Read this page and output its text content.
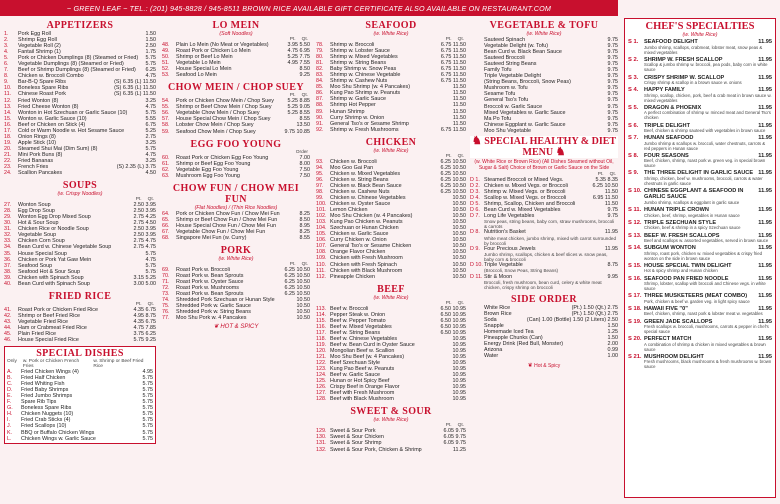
~ GREEN LEAF ~ TEL.: (201) 945-8828 / 945-8511 BROWN RICE AVAILABLE GIFT CERTIFICATE ALSO AVAILABLE ON RESTAURANT.COM
APPETIZERS
1.	Pork Egg Roll	1.50
2.	Shrimp Egg Roll	1.50
3.	Vegetable Roll (2)	2.50
4.	Fantail Shrimp (1)	1.75
5.	Pork or Chicken Dumplings (8) (Steamed or Fried)	5.75
6.	Vegetable Dumplings (8) (Steamed or Fried)	5.75
7.	Beef or Shrimp Dumplings (8) (Steamed or Fried)	6.25
8.	Chicken w. Broccoli Combo	4.75
9.	Bar-B-Q Spare Ribs	(S) 6.35 (L) 11.50
10.	Boneless Spare Ribs	(S) 6.35 (L) 11.50
11.	Chinese Roast Pork	(S) 6.35 (L) 11.50
12.	Fried Wonton (8)	3.25
13.	Fried Cheese Wonton (8)	4.75
14.	Wonton in Hot Szechuan or Garlic Sauce (10)	5.75
15.	Wonton w. Garlic Sauce (10)	5.55
16.	Beef or Chicken on Stick (4)	6.75
17.	Cold or Warm Noodle w. Hot Sesame Sauce	5.25
18.	Onion Rings (8)	2.75
19.	Apple Stick (10)	3.25
20.	Steamed Shui Mai (Dim Sum) (8)	5.75
21.	Mini Pork Buns (8)	4.75
22.	Fried Bananas	3.25
23.	French Fries	(S) 2.35 (L) 3.75
24.	Scallion Pancakes	4.50
SOUPS
(w. Crispy Noodles)
Pt. Qt.
27.	Wonton Soup	2.50 3.95
28.	Egg Drop Soup	2.50 3.95
29.	Wonton Egg Drop Mixed Soup	2.75 4.25
30.	Hot & Sour Soup	2.75 4.50
31.	Chicken Rice or Noodle Soup	2.50 3.95
32.	Vegetable Soup	2.50 3.95
33.	Chicken Corn Soup	2.75 4.75
34.	Bean Curd w. Chinese Vegetable Soup	2.75 4.75
35.	House Special Soup	5.75
36.	Chicken or Pork Yat Gaw Mein	4.75
37.	Seafood Soup	5.75
38.	Seafood Hot & Sour Soup	5.75
39.	Chicken with Spinach Soup	3.15 5.25
40.	Bean Curd with Spinach Soup	3.00 5.00
FRIED RICE
Pt. Qt.
41.	Roast Pork or Chicken Fried Rice	4.35 6.75
42.	Shrimp or Beef Fried Rice	4.95 8.75
43.	Vegetable Fried Rice	4.35 6.75
44.	Ham or Crabmeat Fried Rice	4.75 7.85
45.	Plain Fried Rice	3.75 6.25
46.	House Special Fried Rice	5.75 9.25
SPECIAL DISHES
Only w. Pork or Chicken French Fries
w. Shrimp or Beef Fried Rice
A.	Fried Chicken Wings (4)	4.95
B.	Fried Half Chicken	5.75
C.	Fried Whiting Fish	5.75
D.	Fried Baby Shrimps	5.75
E.	Fried Jumbo Shrimps	5.75
F.	Spare Rib Tips	5.75
G.	Boneless Spare Ribs	5.75
H.	Chicken Nuggets (10)	5.75
I.	Fried Crab Sticks (4)	5.75
J.	Fried Scallops (10)	5.75
K.	BBQ or Buffalo Chicken Wings	5.75
L.	Chicken Wings w. Garlic Sauce	5.75
LO MEIN
(Soft Noodles)
Pt. Qt.
48.	Plain Lo Mein (No Meat or Vegetables)	3.95 5.50
49.	Roast Pork or Chicken Lo Mein	4.75 6.95
50.	Shrimp or Beef Lo Mein	5.25 7.75
51.	Vegetable Lo Mein	4.95 7.55
52.	House Special Lo Mein	8.50
53.	Seafood Lo Mein	9.25
CHOW MEIN / CHOP SUEY
Pt. Qt.
54.	Pork or Chicken Chow Mein / Chop Suey	5.25 8.85
55.	Shrimp or Beef Chow Mein / Chop Suey	5.25 9.05
56.	Vegetable Chow Mein / Chop Suey	5.25 8.55
57.	House Special Chow Mein / Chop Suey	8.55
58.	Lobster Chow Mein / Chop Suey	13.50
59.	Seafood Chow Mein / Chop Suey	9.75 10.85
EGG FOO YOUNG
Order
60.	Roast Pork or Chicken Egg Foo Young	7.00
61.	Shrimp or Beef Egg Foo Young	8.00
62.	Vegetable Egg Foo Young	7.50
63.	Mushroom Egg Foo Young	7.50
CHOW FUN / CHOW MEI FUN
(Flat Noodles) / (Thin Rice Noodles)
64.	Pork or Chicken Chow Fun / Chow Mei Fun	8.25
65.	Shrimp or Beef Chow Fun / Chow Mei Fun	8.50
66.	House Special Chow Fun / Chow Mei Fun	8.95
67.	Vegetable Chow Fun / Chow Mei Fun	8.25
68.	Singapore Mei Fun (w. Curry)	8.55
PORK
(w. White Rice)
Pt. Qt.
69.	Roast Pork w. Broccoli	6.25 10.50
70.	Roast Pork w. Bean Sprouts	6.25 10.50
71.	Roast Pork w. Oyster Sauce	6.25 10.50
72.	Roast Pork w. Mushrooms	6.25 10.50
73.	Roast Pork w. Bean Sprouts	6.25 10.50
74.	Shredded Pork Szechuan or Hunan Style	10.50
75.	Shredded Pork w. Garlic Sauce	10.50
76.	Shredded Pork w. String Beans	10.50
77.	Moo Shu Pork w. 4 Pancakes	10.50
❦ HOT & SPICY
SEAFOOD
(w. White Rice)
Pt. Qt.
78.	Shrimp w. Broccoli	6.75 11.50
79.	Shrimp w. Lobster Sauce	6.75 11.50
80.	Shrimp w. Mixed Vegetables	6.75 11.50
81.	Shrimp w. String Beans	6.75 11.50
82.	Baby Shrimp w. Snow Peas	6.75 11.50
83.	Shrimp w. Chinese Vegetable	6.75 11.50
84.	Shrimp w. Cashew Nuts	6.75 11.50
85.	Moo Shu Shrimp (w. 4 Pancakes)	11.50
86.	Kung Pao Shrimp w. Peanuts	11.50
87.	Shrimp w. Garlic Sauce	11.50
88.	Shrimp Hot Pepper	11.50
89.	Hunan Shrimp	11.50
90.	Curry Shrimp w. Onion	11.50
91.	General Tso's or Sesame Shrimp	11.50
92.	Shrimp w. Fresh Mushrooms	6.75 11.50
CHICKEN
(w. White Rice)
Pt. Qt.
93.	Chicken w. Broccoli	6.25 10.50
94.	Moo Goo Gai Pan	6.25 10.50
95.	Chicken w. Mixed Vegetables	6.25 10.50
96.	Chicken w. String Beans	6.25 10.50
97.	Chicken w. Black Bean Sauce	6.25 10.50
98.	Chicken w. Cashew Nuts	6.25 10.50
99.	Chicken w. Chinese Vegetables	10.50
100. Chicken w. Oyster Sauce	10.50
101. Lemon Chicken	10.50
102. Moo Shu Chicken (w. 4 Pancakes)	10.50
103. Kung Pao Chicken w. Peanuts	10.50
104. Szechuan or Hunan Chicken	10.50
105. Chicken w. Garlic Sauce	10.50
106. Curry Chicken w. Onion	10.50
107. General Tso's or Sesame Chicken	10.50
108. Orange Flavor Chicken	10.50
109. Chicken with Fresh Mushroom	10.50
110. Chicken with Fresh Spinach	10.50
111. Chicken with Black Mushroom	10.50
112. Pineapple Chicken	10.50
BEEF
(w. White Rice)
Pt. Qt.
113. Beef w. Broccoli	6.50 10.95
114. Pepper Steak w. Onion	6.50 10.95
115. Beef w. Pepper Tomato	6.50 10.95
116. Beef w. Mixed Vegetables	6.50 10.95
117. Beef w. String Beans	6.50 10.95
118. Beef w. Chinese Vegetables	10.95
119. Beef w. Bean Curd in Oyster Sauce	10.95
120. Mongolian Beef w. Scallion	10.95
121. Moo Shu Beef (w. 4 Pancakes)	10.95
122. Beef Szechuan Style	10.95
123. Kung Pao Beef w. Peanuts	10.95
124. Beef w. Garlic Sauce	10.95
125. Hunan or Hot Spicy Beef	10.95
126. Crispy Beef in Orange Flavor	10.95
127. Beef with Fresh Mushroom	10.95
128. Beef with Black Mushroom	10.95
SWEET & SOUR
(w. White Rice)
Pt. Qt.
129. Sweet & Sour Pork	6.05 9.75
130. Sweet & Sour Chicken	6.05 9.75
131. Sweet & Sour Shrimp	6.05 9.75
132. Sweet & Sour Pork, Chicken & Shrimp	11.25
VEGETABLE & TOFU
(w. White Rice)
Sauteed Spinach	9.75
Vegetable Delight (w. Tofu)	9.75
Bean Curd w. Black Bean Sauce	9.75
Sauteed Broccoli	9.75
Sauteed String Beans	9.75
Family Tofu	9.75
Triple Vegetable Delight	9.75
(String Beans, Broccoli, Snow Peas)	9.75
Mushroom w. Tofu	9.75
Sesame Tofu	9.75
General Tso's Tofu	9.75
Broccoli w. Garlic Sauce	9.75
Mixed Vegetables w. Garlic Sauce	9.75
Ma Po Tofu	9.75
Chinese Eggplant w. Garlic Sauce	9.75
Moo Shu Vegetable	9.75
♞ SPECIAL HEALTHY & DIET MENU ♞
(w. White Rice or Brown Rice) (All Dishes Steamed without Oil, Sugar & Salt) Choice of Brown or Garlic Sauce on the Side
Pt. Qt.
D 1. Steamed Broccoli or Mixed Vegs.	5.35 8.35
D 2. Chicken w. Mixed Vegs. or Broccoli	6.25 10.50
D 3. Shrimp w. Mixed Vegs. or Broccoli	11.50
D 4. Scallop w. Mixed Vegs. or Broccoli	6.95 11.50
D 5. Shrimp, Scallop, Chicken and Broccoli	11.50
D 6. Bean Curd w. Mixed Vegetables	9.75
D 7. Long Life Vegetables	9.75
Snow peas, string beans, baby corn, straw mushrooms, broccoli & carrots
D 8. Nutrition's Basket	11.95
White meat chicken, jumbo shrimp, mixed with carrot surrounded by broccoli
D 9. Four Precious Jewels	11.95
Jumbo shrimp, scallops, chicken & beef slices w. snow peas, baby corn & broccoli
D 10. Triple Vegetable	8.75
(Broccoli, Snow Peas, String Beans)
D 11. Stir & Moon	9.95
Broccoli, fresh mushroom, bean curd, celery & white meat chicken, crispy shrimp on broccoli
SIDE ORDER
White Rice	(Pt.) 1.50 (Qt.) 2.75
Brown Rice	(Pt.) 1.50 (Qt.) 2.75
Soda	(Can) 1.00 (Bottle) 1.50 (2 Liters) 2.50
Snapple	1.50
Homemade Iced Tea	1.25
Pineapple Chunks (Can)	1.50
Energy Drink (Red Bull, Monster)	2.00
Arizona	0.99
Water	1.00
❦ Hot & Spicy
CHEF'S SPECIALTIES
(w. White Rice)
S 1.	SEAFOOD DELIGHT	11.95
Jumbo shrimp, scallops, crabmeat, lobster meat, snow peas & mixed vegetables
S 2.	SHRIMP W. FRESH SCALLOP	11.95
Scallop & jumbo shrimp w. broccoli, pea pods, baby corn in white sauce
S 3.	CRISPY SHRIMP W. SCALLOP	11.95
Crispy shrimp & scallop in a brown sauce w. onions
S 4.	HAPPY FAMILY	11.95
Shrimp, scallop, chicken, pork, beef & crab meat in brown sauce w. mixed vegetables
S 5.	DRAGON & PHOENIX	11.95
A perfect combination of shrimp w. minced meat and General Tso's chicken
S 6.	TRIPLE DELIGHT	11.95
Beef, chicken & shrimp sauteed with vegetables in brown sauce
S 7.	HUNAN SEAFOOD	11.95
Jumbo shrimp & scallops w. broccoli, water chestnuts, carrots & red peppers in Hunan sauce
S 8.	FOUR SEASONS	11.95
Beef, chicken, shrimp, roast pork w. green veg. in special brown sauce
S 9.	THE THREE DELIGHT IN GARLIC SAUCE 11.95
Shrimp, chicken, beef w. mushrooms, broccoli, carrots & water chestnuts in garlic sauce
S 10. CHINESE EGGPLANT & SEAFOOD IN GARLIC SAUCE
11.95
Jumbo shrimp, scallops & eggplant in garlic sauce
S 11. HUNAN TRIPLE CROWN	11.95
Chicken, beef, shrimp, vegetables in Hunan sauce
S 12. TRIPLE SZECHUAN STYLE	11.95
Chicken, beef & shrimp in a spicy Szechuan sauce
S 13. BEEF W. FRESH SCALLOPS	11.95
Beef and scallops w. assorted vegetables, served in brown sauce
S 14. SUBGUM WONTON	11.95
Shrimp, roast pork, chicken w. mixed vegetables & crispy fried wonton on the side in brown sauce
S 15. HOUSE SPECIAL TWIN DELIGHT	11.95
Hot & spicy shrimp and Hunan chicken
S 16. SEAFOOD PAN FRIED NOODLE	11.95
Shrimp, lobster, scallop with broccoli and Chinese vegs. in white sauce
S 17. THREE MUSKETEERS (MEAT COMBO) 11.95
Pork, chicken & beef w. garden veg. in light spicy sauce
S 18. HAWAII FIVE "0"	11.95
Beef, chicken, shrimp, roast pork & lobster meat w. vegetables
S 19. GREEN JADE SCALLOPS	11.95
Fresh scallops w. broccoli, mushrooms, carrots & pepper in chef's special sauce
S 20. PERFECT MATCH	11.95
A combination of shrimp & chicken in mixed vegetables & brown sauce
S 21. MUSHROOM DELIGHT	11.95
Fresh mushrooms, black mushrooms & fresh mushrooms w. brown sauce
